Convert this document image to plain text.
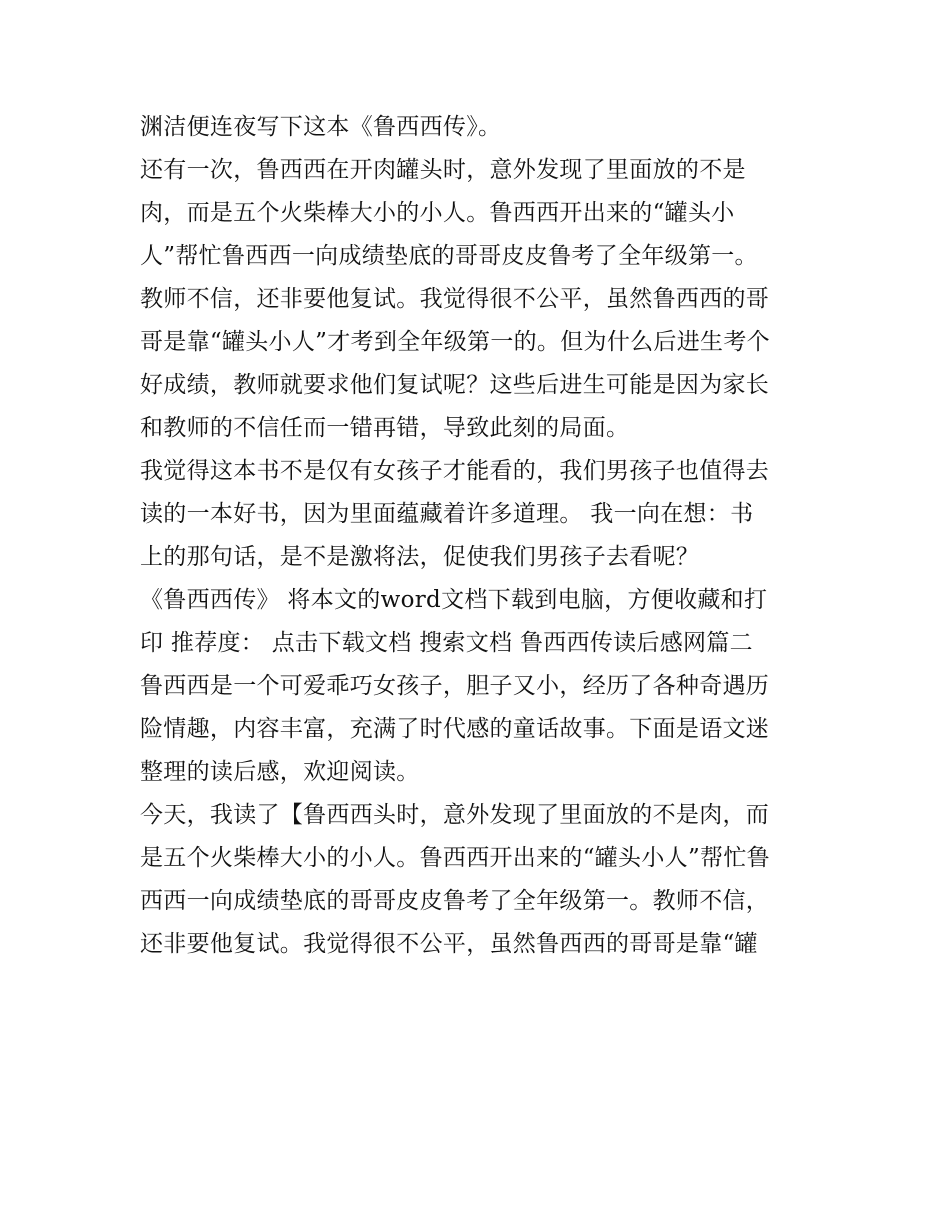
渊洁便连夜写下这本《鲁西西传》。
还有一次，鲁西西在开肉罐头时，意外发现了里面放的不是
肉，而是五个火柴棒大小的小人。鲁西西开出来的“罐头小
人”帮忙鲁西西一向成绩垫底的哥哥皮皮鲁考了全年级第一。
教师不信，还非要他复试。我觉得很不公平，虽然鲁西西的哥
哥是靠“罐头小人”才考到全年级第一的。但为什么后进生考个
好成绩，教师就要求他们复试呢？这些后进生可能是因为家长
和教师的不信任而一错再错，导致此刻的局面。
我觉得这本书不是仅有女孩子才能看的，我们男孩子也值得去
读的一本好书，因为里面蕴藏着许多道理。 我一向在想：书
上的那句话，是不是激将法，促使我们男孩子去看呢？
《鲁西西传》 将本文的word文档下载到电脑，方便收藏和打
印 推荐度： 点击下载文档 搜索文档 鲁西西传读后感网篇二
鲁西西是一个可爱乖巧女孩子，胆子又小，经历了各种奇遇历
险情趣，内容丰富，充满了时代感的童话故事。下面是语文迷
整理的读后感，欢迎阅读。
今天，我读了【鲁西西头时，意外发现了里面放的不是肉，而
是五个火柴棒大小的小人。鲁西西开出来的“罐头小人”帮忙鲁
西西一向成绩垫底的哥哥皮皮鲁考了全年级第一。教师不信，
还非要他复试。我觉得很不公平，虽然鲁西西的哥哥是靠“罐
